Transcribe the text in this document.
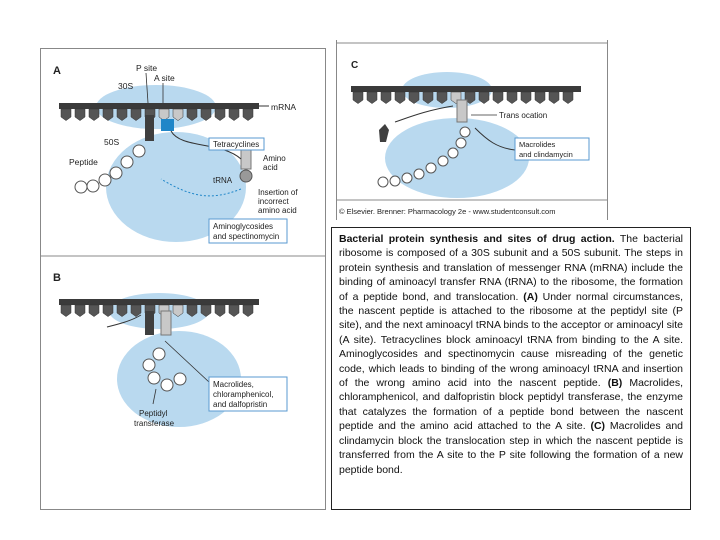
A
mRNA
P site
A site
30S
50S
Peptide
Tetracyclines
Amino
acid
tRNA
Insertion of
incorrect
amino acid
Aminoglycosides
and spectinomycin
B
Macrolides,
chloramphenicol,
and dalfopristin
Peptidyl
transferase
C
Trans ocation
Macrolides
and clindamycin
© Elsevier. Brenner: Pharmacology 2e - www.studentconsult.com
Bacterial protein synthesis and sites of drug action. The bacterial ribosome is composed of a 30S subunit and a 50S subunit. The steps in protein synthesis and translation of messenger RNA (mRNA) include the binding of aminoacyl transfer RNA (tRNA) to the ribosome, the formation of a peptide bond, and translocation. (A) Under normal circumstances, the nascent peptide is attached to the ribosome at the peptidyl site (P site), and the next aminoacyl tRNA binds to the acceptor or aminoacyl site (A site). Tetracyclines block aminoacyl tRNA from binding to the A site. Aminoglycosides and spectinomycin cause misreading of the genetic code, which leads to binding of the wrong aminoacyl tRNA and insertion of the wrong amino acid into the nascent peptide. (B) Macrolides, chloramphenicol, and dalfopristin block peptidyl transferase, the enzyme that catalyzes the formation of a peptide bond between the nascent peptide and the amino acid attached to the A site. (C) Macrolides and clindamycin block the translocation step in which the nascent peptide is transferred from the A site to the P site following the formation of a new peptide bond.
